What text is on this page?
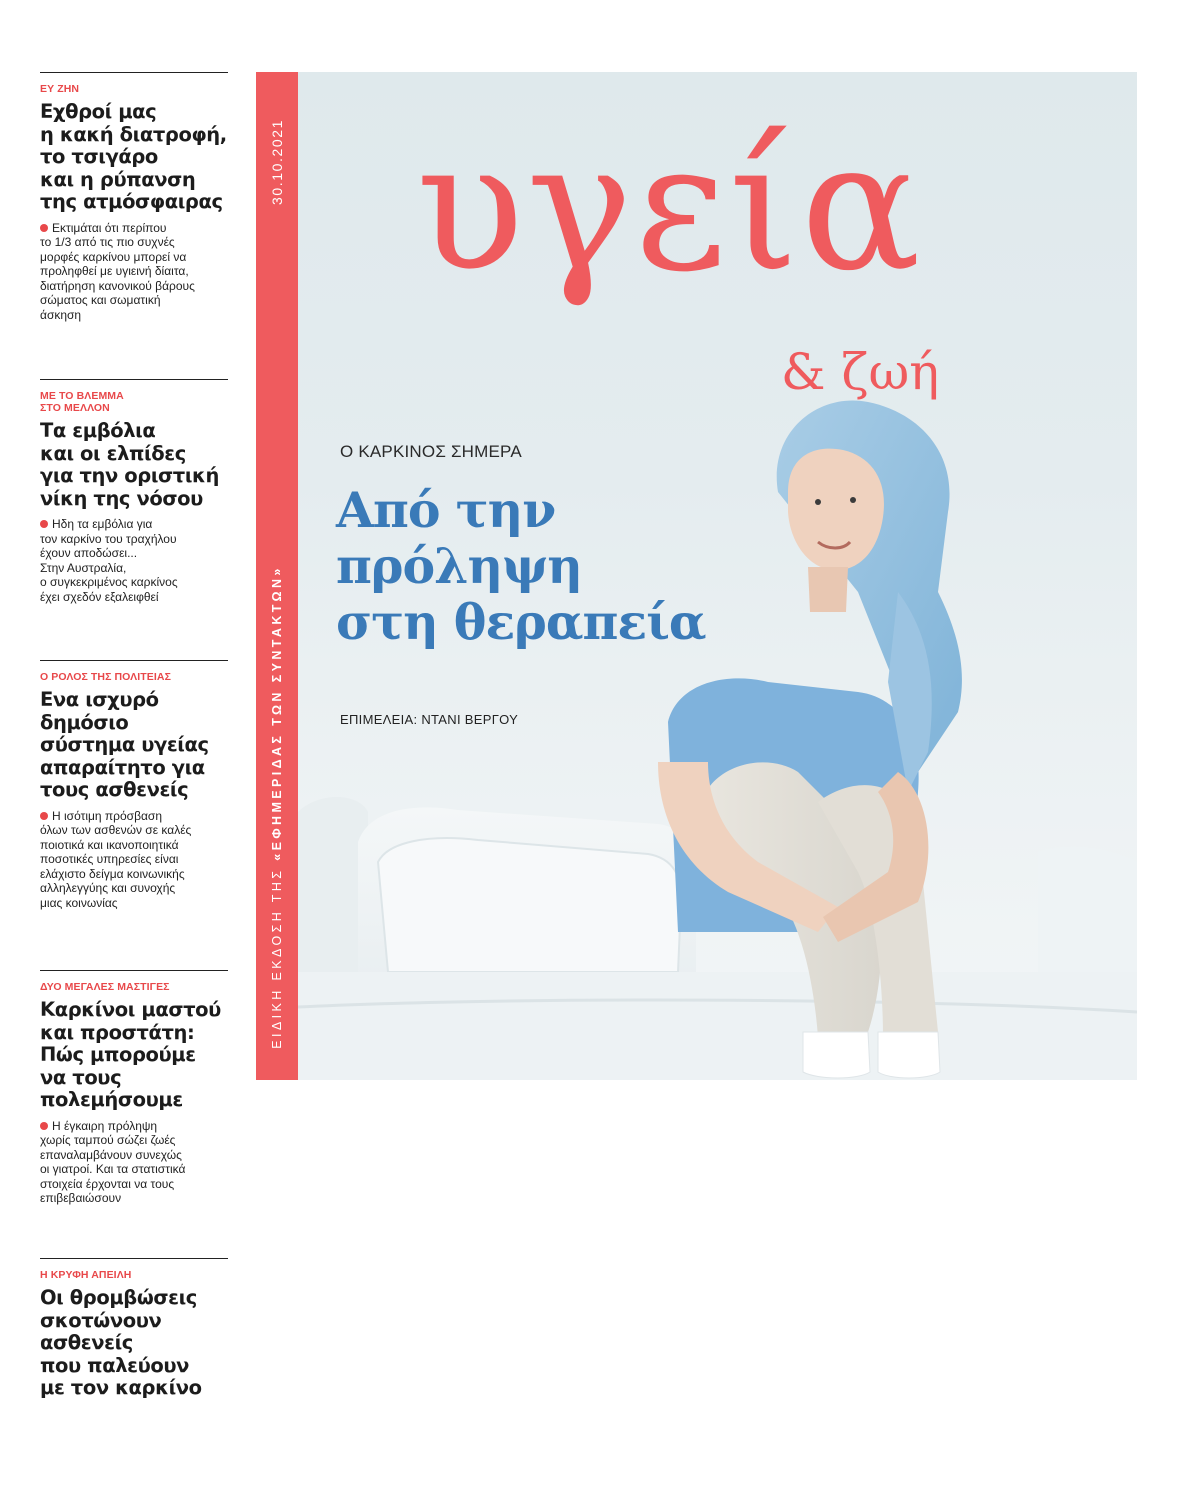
ΕΥ ΖΗΝ
Εχθροί μας
η κακή διατροφή,
το τσιγάρο
και η ρύπανση
της ατμόσφαιρας
Εκτιμάται ότι περίπου
το 1/3 από τις πιο συχνές
μορφές καρκίνου μπορεί να
προληφθεί με υγιεινή δίαιτα,
διατήρηση κανονικού βάρους
σώματος και σωματική
άσκηση
ΜΕ ΤΟ ΒΛΕΜΜΑ
ΣΤΟ ΜΕΛΛΟΝ
Τα εμβόλια
και οι ελπίδες
για την οριστική
νίκη της νόσου
Ηδη τα εμβόλια για
τον καρκίνο του τραχήλου
έχουν αποδώσει...
Στην Αυστραλία,
ο συγκεκριμένος καρκίνος
έχει σχεδόν εξαλειφθεί
Ο ΡΟΛΟΣ ΤΗΣ ΠΟΛΙΤΕΙΑΣ
Ενα ισχυρό
δημόσιο
σύστημα υγείας
απαραίτητο για
τους ασθενείς
Η ισότιμη πρόσβαση
όλων των ασθενών σε καλές
ποιοτικά και ικανοποιητικά
ποσοτικές υπηρεσίες είναι
ελάχιστο δείγμα κοινωνικής
αλληλεγγύης και συνοχής
μιας κοινωνίας
ΔΥΟ ΜΕΓΑΛΕΣ ΜΑΣΤΙΓΕΣ
Καρκίνοι μαστού
και προστάτη:
Πώς μπορούμε
να τους
πολεμήσουμε
Η έγκαιρη πρόληψη
χωρίς ταμπού σώζει ζωές
επαναλαμβάνουν συνεχώς
οι γιατροί. Και τα στατιστικά
στοιχεία έρχονται να τους
επιβεβαιώσουν
Η ΚΡΥΦΗ ΑΠΕΙΛΗ
Οι θρομβώσεις
σκοτώνουν
ασθενείς
που παλεύουν
με τον καρκίνο
30.10.2021
ΕΙΔΙΚΗ ΕΚΔΟΣΗ ΤΗΣ «ΕΦΗΜΕΡΙΔΑΣ ΤΩΝ ΣΥΝΤΑΚΤΩΝ»
υγεία
& ζωή
Ο ΚΑΡΚΙΝΟΣ ΣΗΜΕΡΑ
Από την
πρόληψη
στη θεραπεία
ΕΠΙΜΕΛΕΙΑ: ΝΤΑΝΙ ΒΕΡΓΟΥ
